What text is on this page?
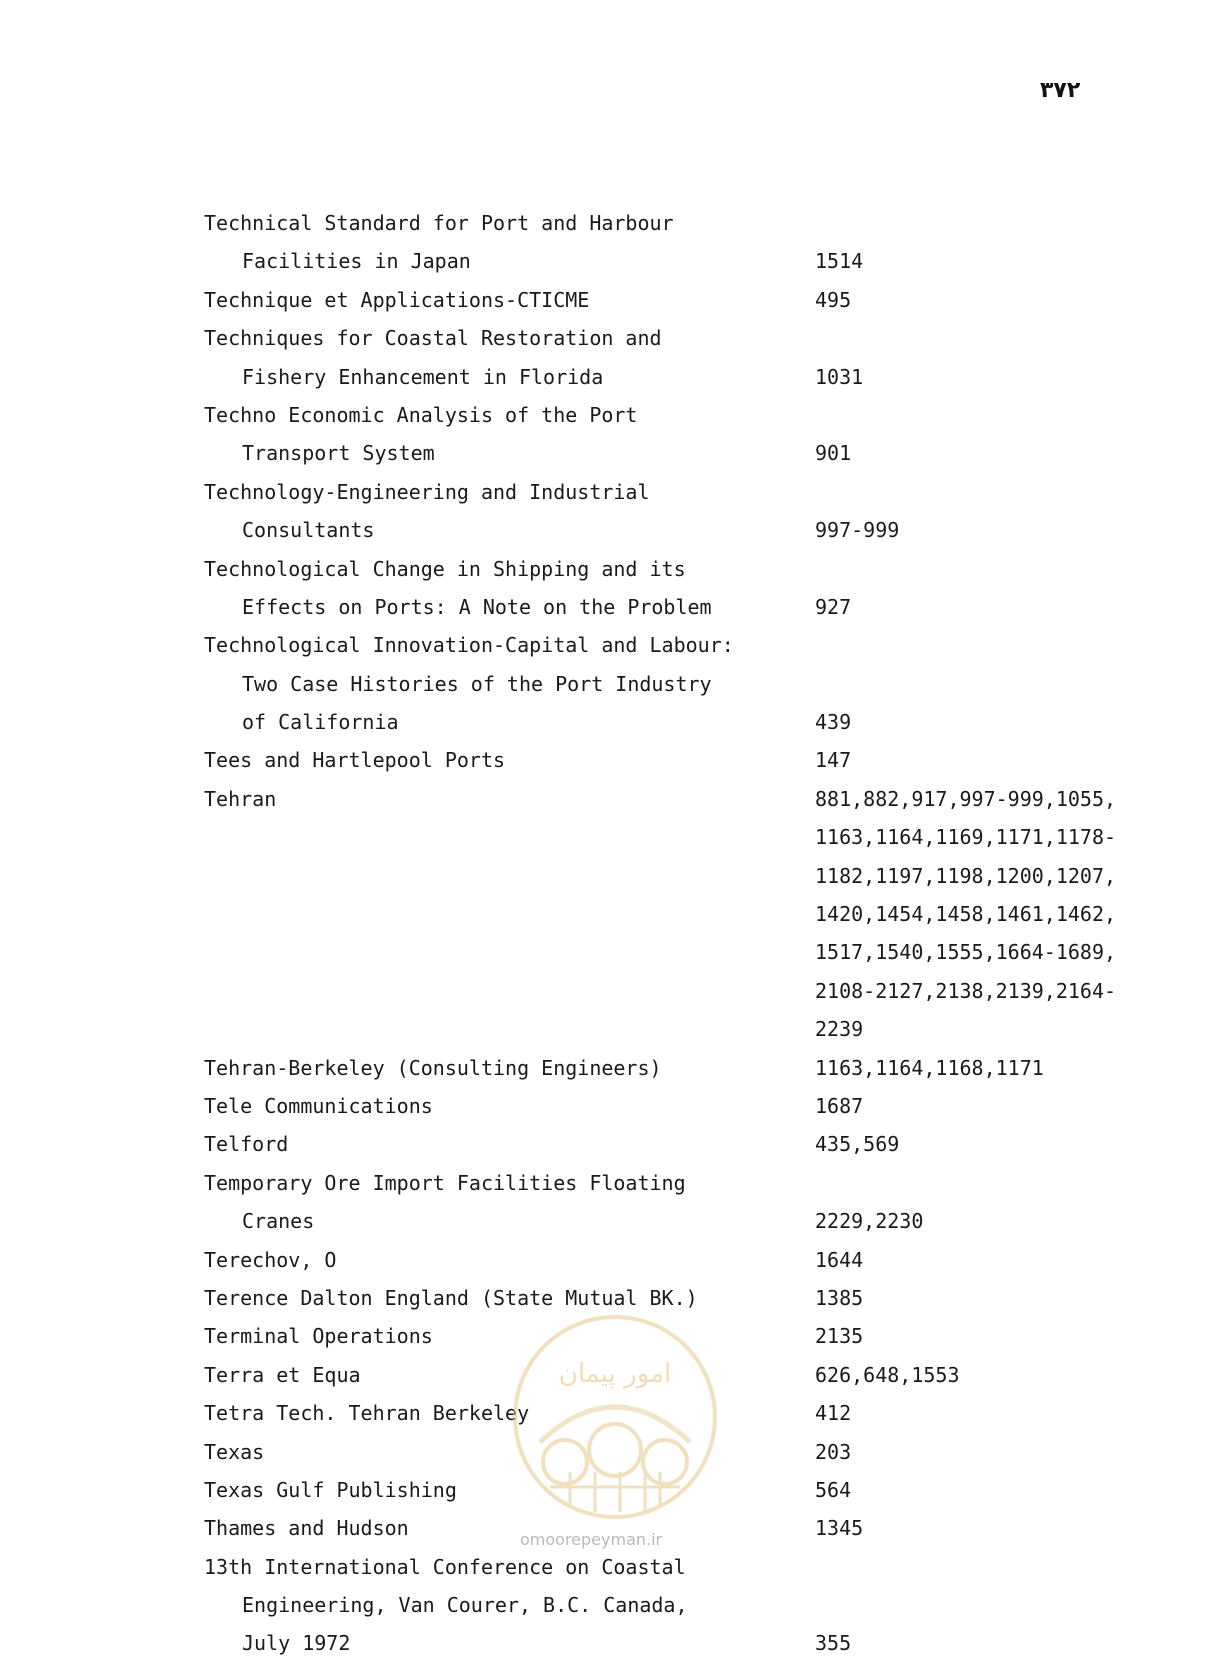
۳۷۲
Technical Standard for Port and Harbour
Facilities in Japan	1514
Technique et Applications-CTICME	495
Techniques for Coastal Restoration and
Fishery Enhancement in Florida	1031
Techno Economic Analysis of the Port
Transport System	901
Technology-Engineering and Industrial
Consultants	997-999
Technological Change in Shipping and its
Effects on Ports: A Note on the Problem	927
Technological Innovation-Capital and Labour:
Two Case Histories of the Port Industry
of California	439
Tees and Hartlepool Ports	147
Tehran	881,882,917,997-999,1055,
1163,1164,1169,1171,1178-
1182,1197,1198,1200,1207,
1420,1454,1458,1461,1462,
1517,1540,1555,1664-1689,
2108-2127,2138,2139,2164-
2239
Tehran-Berkeley (Consulting Engineers)	1163,1164,1168,1171
Tele Communications	1687
Telford	435,569
Temporary Ore Import Facilities Floating
Cranes	2229,2230
Terechov, O	1644
Terence Dalton England (State Mutual BK.)	1385
Terminal Operations	2135
Terra et Equa	626,648,1553
Tetra Tech. Tehran Berkeley	412
Texas	203
Texas Gulf Publishing	564
Thames and Hudson	1345
13th International Conference on Coastal
Engineering, Van Courer, B.C. Canada,
July 1972	355
امور پیمان
omoorepeyman.ir
